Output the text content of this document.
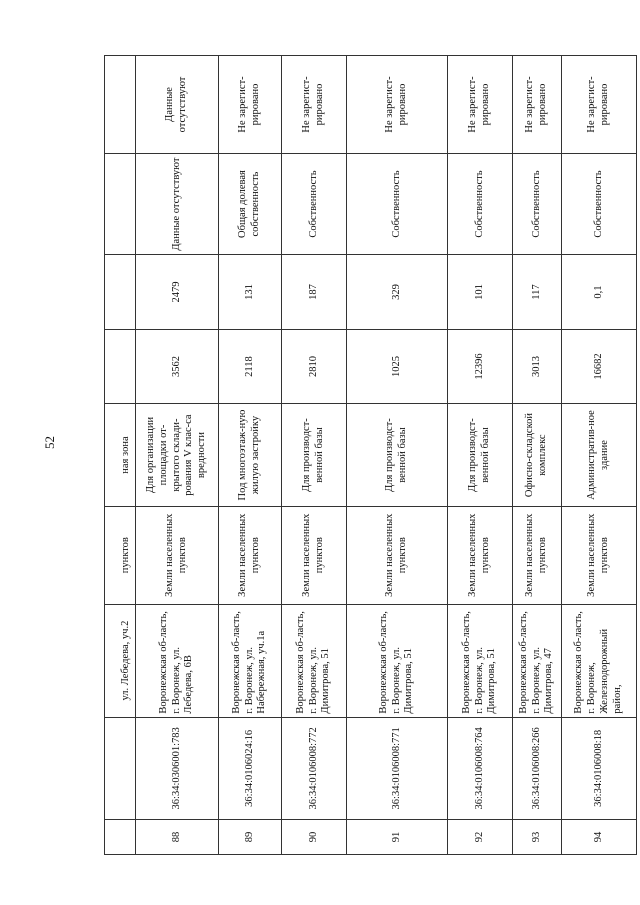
52
		ул. Лебедева, уч.2	пунктов	ная зона				
88	36:34:0306001:783	Воронежская об-ласть, г. Воронеж, ул. Лебедева, 6В	Земли населенных пунктов	Для организации площадки от-крытого склади-рования V клас-са вредности	3562	2479	Данные отсутствуют	Данные отсутствуют
89	36:34:0106024:16	Воронежская об-ласть, г. Воронеж, ул. Набережная, уч.1а	Земли населенных пунктов	Под многоэтаж-ную жилую застройку	2118	131	Общая долевая собственность	Не зарегист-рировано
90	36:34:0106008:772	Воронежская об-ласть, г. Воронеж, ул. Димитрова, 51	Земли населенных пунктов	Для производст-венной базы	2810	187	Собственность	Не зарегист-рировано
91	36:34:0106008:771	Воронежская об-ласть, г. Воронеж, ул. Димитрова, 51	Земли населенных пунктов	Для производст-венной базы	1025	329	Собственность	Не зарегист-рировано
92	36:34:0106008:764	Воронежская об-ласть, г. Воронеж, ул. Димитрова, 51	Земли населенных пунктов	Для производст-венной базы	12396	101	Собственность	Не зарегист-рировано
93	36:34:0106008:266	Воронежская об-ласть, г. Воронеж, ул. Димитрова, 47	Земли населенных пунктов	Офисно-складской комплекс	3013	117	Собственность	Не зарегист-рировано
94	36:34:0106008:18	Воронежская об-ласть, г. Воронеж, Железнодорожный район,	Земли населенных пунктов	Административ-ное здание	16682	0,1	Собственность	Не зарегист-рировано
